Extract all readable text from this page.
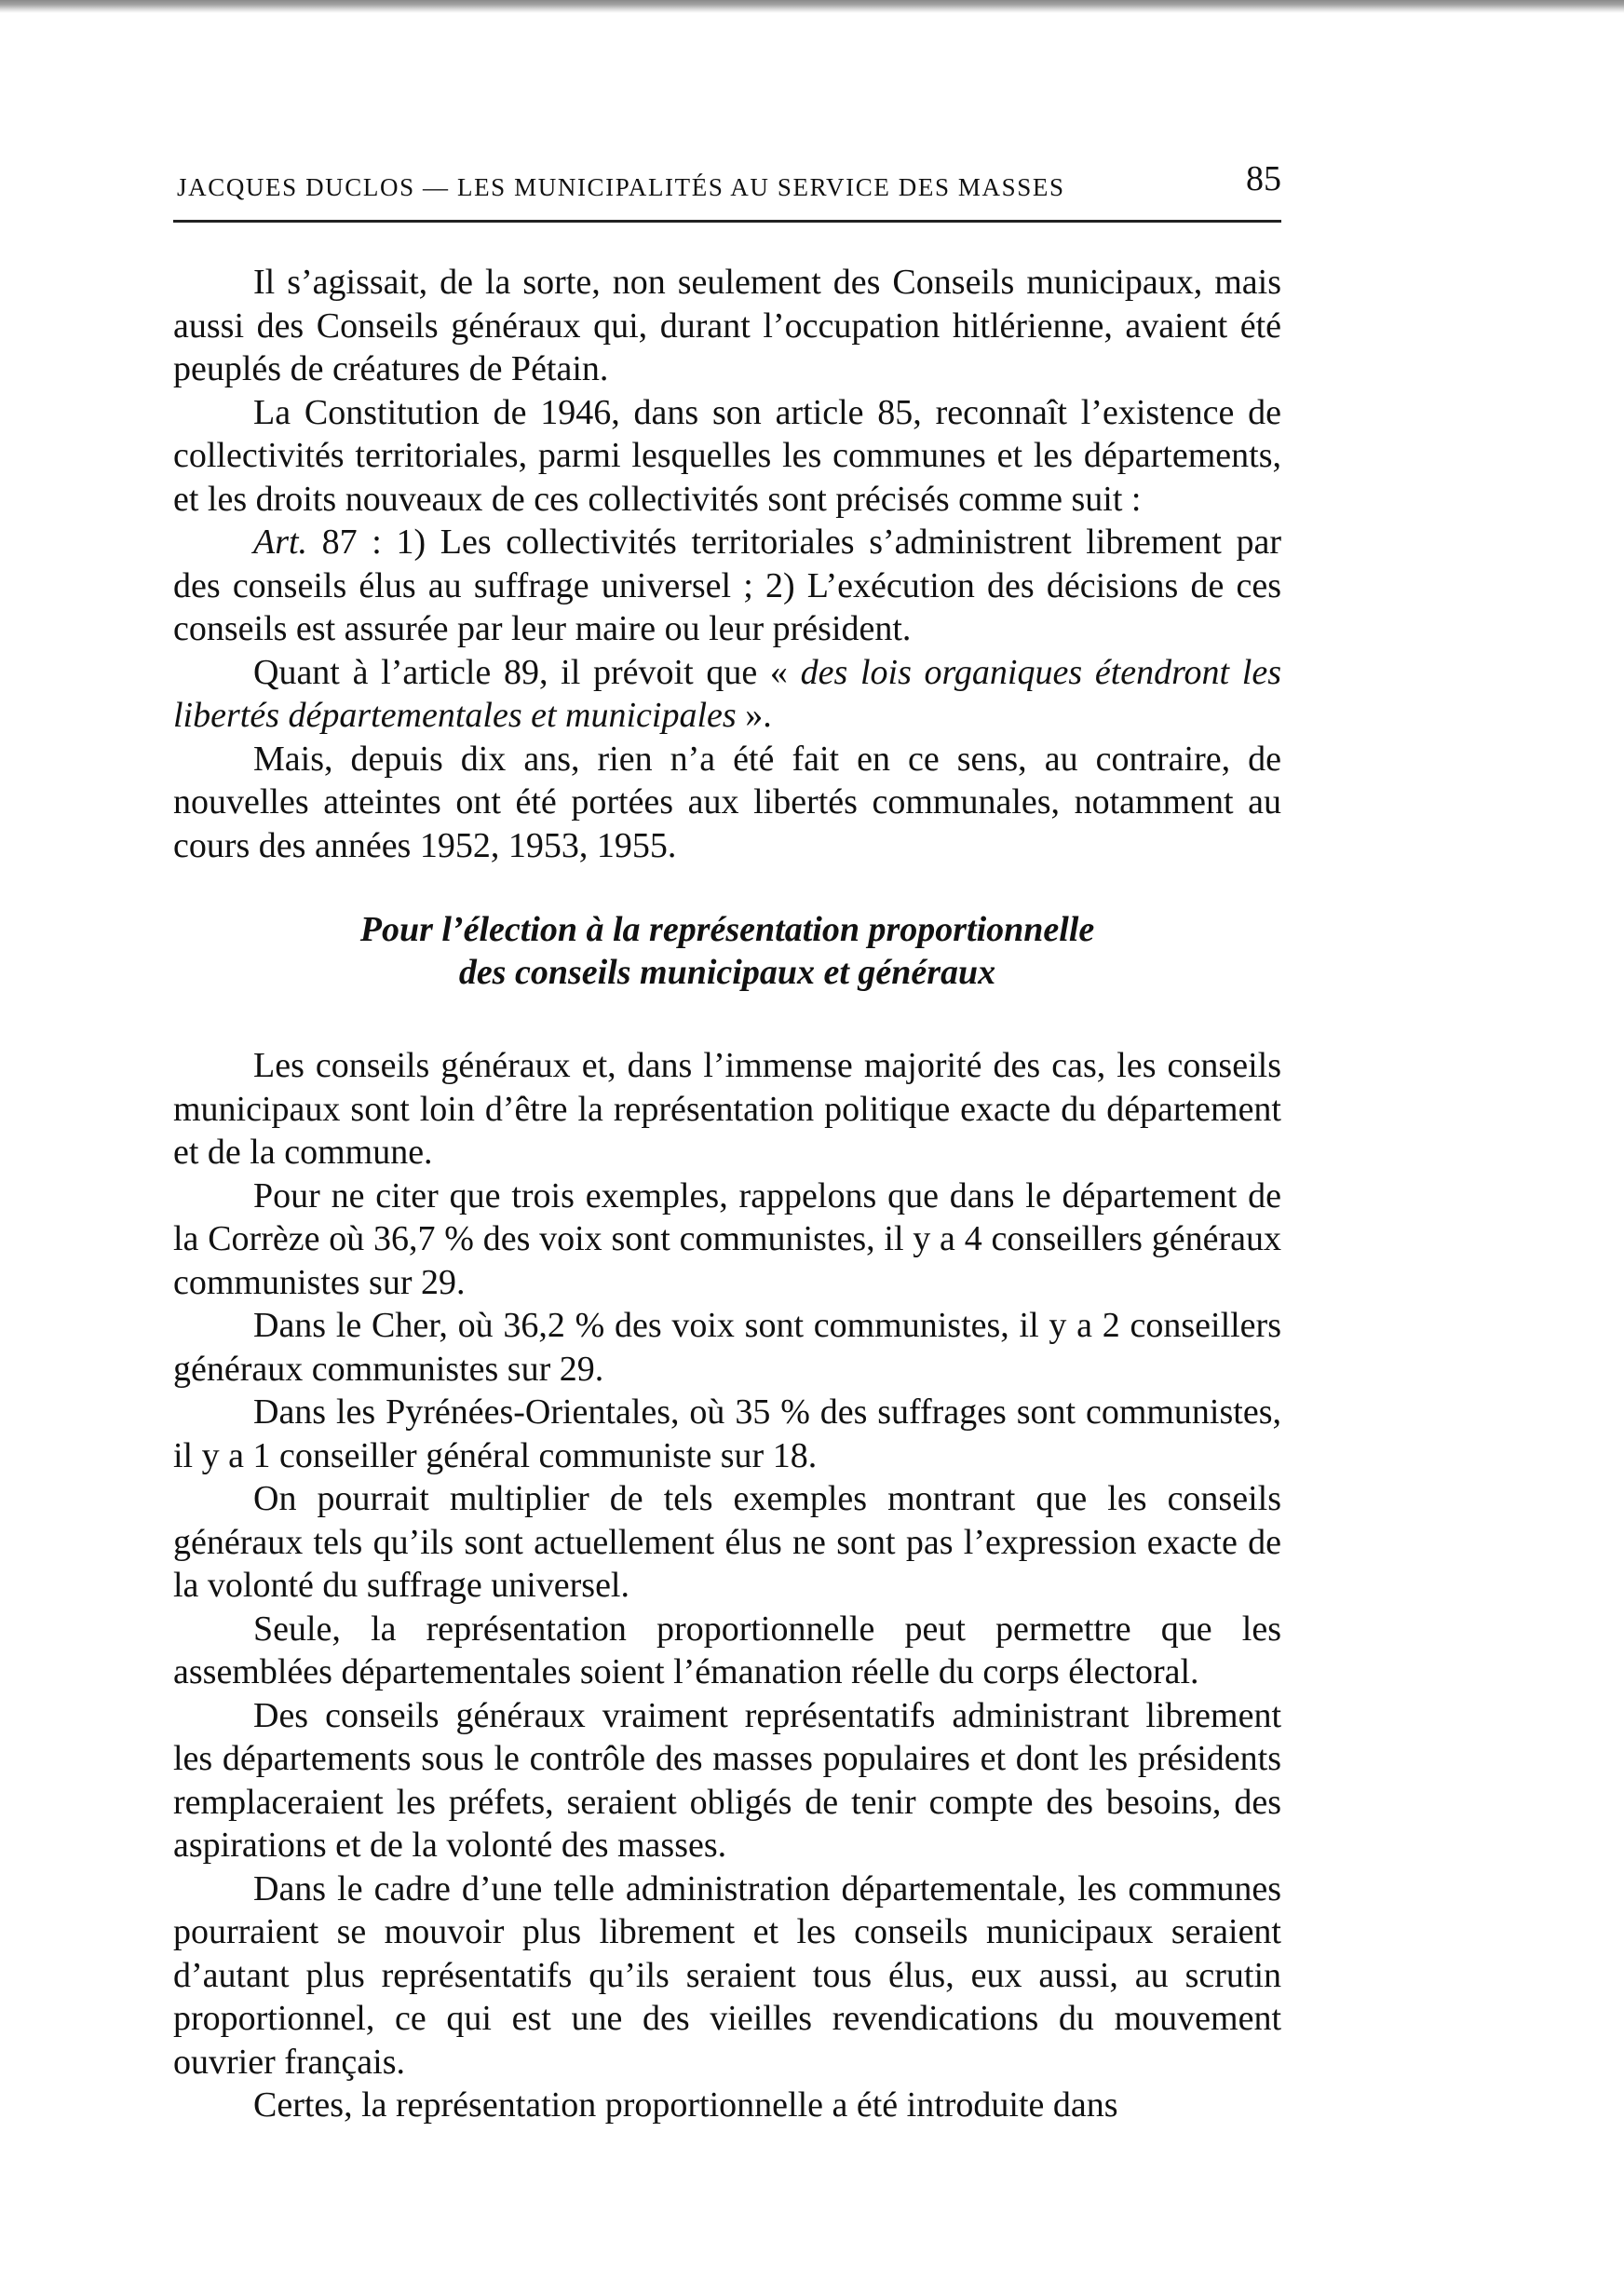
JACQUES DUCLOS — LES MUNICIPALITÉS AU SERVICE DES MASSES	85

Il s’agissait, de la sorte, non seulement des Conseils municipaux, mais aussi des Conseils généraux qui, durant l’occupation hitlérienne, avaient été peuplés de créatures de Pétain.

La Constitution de 1946, dans son article 85, reconnaît l’existence de collectivités territoriales, parmi lesquelles les communes et les départements, et les droits nouveaux de ces collectivités sont précisés comme suit :

Art. 87 : 1) Les collectivités territoriales s’administrent librement par des conseils élus au suffrage universel ; 2) L’exécution des décisions de ces conseils est assurée par leur maire ou leur président.

Quant à l’article 89, il prévoit que « des lois organiques étendront les libertés départementales et municipales ».

Mais, depuis dix ans, rien n’a été fait en ce sens, au contraire, de nouvelles atteintes ont été portées aux libertés communales, notamment au cours des années 1952, 1953, 1955.

Pour l’élection à la représentation proportionnelle
des conseils municipaux et généraux

Les conseils généraux et, dans l’immense majorité des cas, les conseils municipaux sont loin d’être la représentation politique exacte du département et de la commune.

Pour ne citer que trois exemples, rappelons que dans le département de la Corrèze où 36,7 % des voix sont communistes, il y a 4 conseillers généraux communistes sur 29.

Dans le Cher, où 36,2 % des voix sont communistes, il y a 2 conseillers généraux communistes sur 29.

Dans les Pyrénées-Orientales, où 35 % des suffrages sont communistes, il y a 1 conseiller général communiste sur 18.

On pourrait multiplier de tels exemples montrant que les conseils généraux tels qu’ils sont actuellement élus ne sont pas l’expression exacte de la volonté du suffrage universel.

Seule, la représentation proportionnelle peut permettre que les assemblées départementales soient l’émanation réelle du corps électoral.

Des conseils généraux vraiment représentatifs administrant librement les départements sous le contrôle des masses populaires et dont les présidents remplaceraient les préfets, seraient obligés de tenir compte des besoins, des aspirations et de la volonté des masses.

Dans le cadre d’une telle administration départementale, les communes pourraient se mouvoir plus librement et les conseils municipaux seraient d’autant plus représentatifs qu’ils seraient tous élus, eux aussi, au scrutin proportionnel, ce qui est une des vieilles revendications du mouvement ouvrier français.

Certes, la représentation proportionnelle a été introduite dans
